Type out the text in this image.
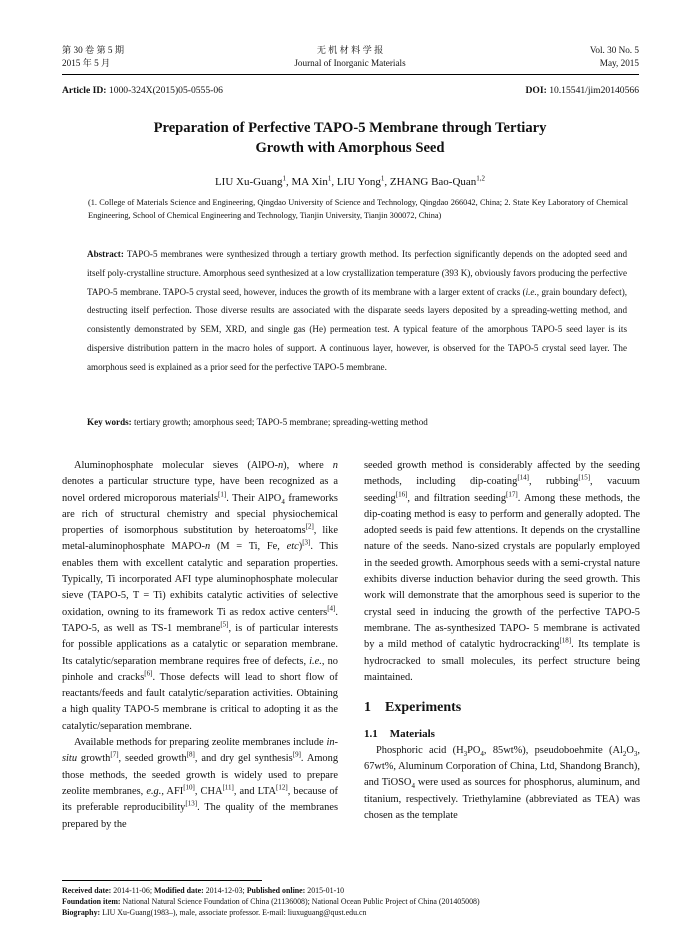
第 30 卷 第 5 期
2015 年 5 月
无 机 材 料 学 报
Journal of Inorganic Materials
Vol. 30 No. 5
May, 2015
Article ID: 1000-324X(2015)05-0555-06	DOI: 10.15541/jim20140566
Preparation of Perfective TAPO-5 Membrane through Tertiary
Growth with Amorphous Seed
LIU Xu-Guang$^1$, MA Xin$^1$, LIU Yong$^1$, ZHANG Bao-Quan$^{1,2}$
(1. College of Materials Science and Engineering, Qingdao University of Science and Technology, Qingdao 266042, China; 2. State Key Laboratory of Chemical Engineering, School of Chemical Engineering and Technology, Tianjin University, Tianjin 300072, China)
Abstract: TAPO-5 membranes were synthesized through a tertiary growth method. Its perfection significantly depends on the adopted seed and itself poly-crystalline structure. Amorphous seed synthesized at a low crystallization temperature (393 K), obviously favors producing the perfective TAPO-5 membrane. TAPO-5 crystal seed, however, induces the growth of its membrane with a larger extent of cracks (i.e., grain boundary defect), destructing itself perfection. Those diverse results are associated with the disparate seeds layers deposited by a spreading-wetting method, and consistently demonstrated by SEM, XRD, and single gas (He) permeation test. A typical feature of the amorphous TAPO-5 seed layer is its dispersive distribution pattern in the macro holes of support. A continuous layer, however, is observed for the TAPO-5 crystal seed layer. The amorphous seed is explained as a prior seed for the perfective TAPO-5 membrane.
Key words: tertiary growth; amorphous seed; TAPO-5 membrane; spreading-wetting method

Aluminophosphate molecular sieves (AlPO-n), where n denotes a particular structure type, have been recognized as a novel ordered microporous materials[1]. Their AlPO$_4$ frameworks are rich of structural chemistry and special physiochemical properties of isomorphous substitution by heteroatoms[2], like metal-aluminophosphate MAPO-n (M = Ti, Fe, etc)[3]. This enables them with excellent catalytic and separation properties. Typically, Ti incorporated AFI type aluminophosphate molecular sieve (TAPO-5, T = Ti) exhibits catalytic activities of selective oxidation, owning to its framework Ti as redox active centers[4]. TAPO-5, as well as TS-1 membrane[5], is of particular interests for possible applications as a catalytic or separation membrane. Its catalytic/separation membrane requires free of defects, i.e., no pinhole and cracks[6]. Those defects will lead to short flow of reactants/feeds and fault catalytic/separation activities. Obtaining a high quality TAPO-5 membrane is critical to adopting it as the catalytic/separation membrane.

Available methods for preparing zeolite membranes include in-situ growth[7], seeded growth[8], and dry gel synthesis[9]. Among those methods, the seeded growth is widely used to prepare zeolite membranes, e.g., AFI[10], CHA[11], and LTA[12], because of its preferable reproducibility[13]. The quality of the membranes prepared by the

seeded growth method is considerably affected by the seeding methods, including dip-coating[14], rubbing[15], vacuum seeding[16], and filtration seeding[17]. Among these methods, the dip-coating method is easy to perform and generally adopted. The adopted seeds is paid few attentions. It depends on the crystalline nature of the seeds. Nano-sized crystals are popularly employed in the seeded growth. Amorphous seeds with a semi-crystal nature exhibits diverse induction behavior during the seed growth. This work will demonstrate that the amorphous seed is superior to the crystal seed in inducing the growth of the perfective TAPO-5 membrane. The as-synthesized TAPO- 5 membrane is activated by a mild method of catalytic hydrocracking[18]. Its template is hydrocracked to small molecules, its perfect structure being maintained.

1 Experiments
1.1 Materials

Phosphoric acid ($H_3PO_4$, 85wt%), pseudoboehmite ($Al_2O_3$, 67wt%, Aluminum Corporation of China, Ltd, Shandong Branch), and TiOSO$_4$ were used as sources for phosphorus, aluminum, and titanium, respectively. Triethylamine (abbreviated as TEA) was chosen as the template

Received date: 2014-11-06; Modified date: 2014-12-03; Published online: 2015-01-10
Foundation item: National Natural Science Foundation of China (21136008); National Ocean Public Project of China (201405008)
Biography: LIU Xu-Guang(1983–), male, associate professor. E-mail: liuxuguang@qust.edu.cn
